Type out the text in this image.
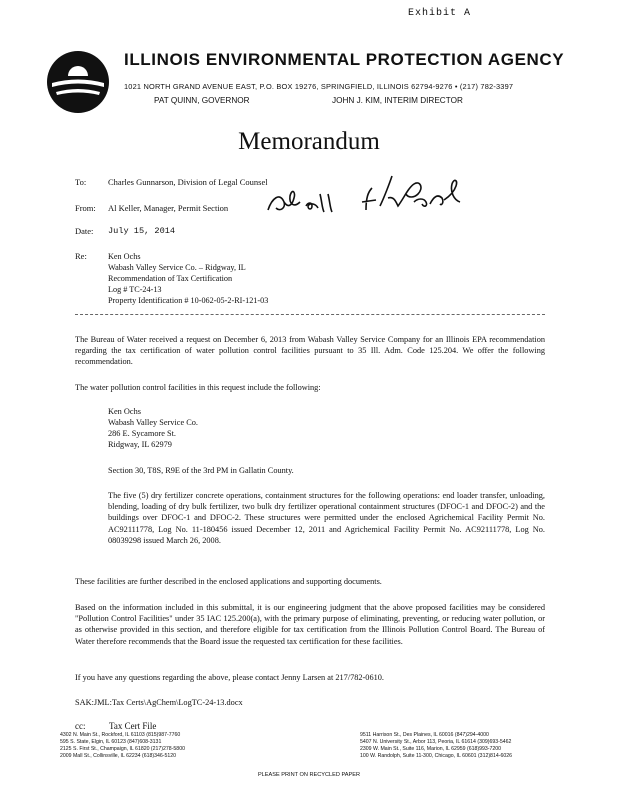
Exhibit A
ILLINOIS ENVIRONMENTAL PROTECTION AGENCY
1021 NORTH GRAND AVENUE EAST, P.O. BOX 19276, SPRINGFIELD, ILLINOIS 62794-9276 • (217) 782-3397
PAT QUINN, GOVERNOR	JOHN J. KIM, INTERIM DIRECTOR
Memorandum
To:	Charles Gunnarson, Division of Legal Counsel
From: Al Keller, Manager, Permit Section
Date: July 15, 2014
Re:	Ken Ochs
Wabash Valley Service Co. – Ridgway, IL
Recommendation of Tax Certification
Log # TC-24-13
Property Identification # 10-062-05-2-RI-121-03
The Bureau of Water received a request on December 6, 2013 from Wabash Valley Service Company for an Illinois EPA recommendation regarding the tax certification of water pollution control facilities pursuant to 35 Ill. Adm. Code 125.204. We offer the following recommendation.
The water pollution control facilities in this request include the following:
Ken Ochs
Wabash Valley Service Co.
286 E. Sycamore St.
Ridgway, IL 62979
Section 30, T8S, R9E of the 3rd PM in Gallatin County.
The five (5) dry fertilizer concrete operations, containment structures for the following operations: end loader transfer, unloading, blending, loading of dry bulk fertilizer, two bulk dry fertilizer operational containment structures (DFOC-1 and DFOC-2) and the buildings over DFOC-1 and DFOC-2. These structures were permitted under the enclosed Agrichemical Facility Permit No. AC92111778, Log No. 11-180456 issued December 12, 2011 and Agrichemical Facility Permit No. AC92111778, Log No. 08039298 issued March 26, 2008.
These facilities are further described in the enclosed applications and supporting documents.
Based on the information included in this submittal, it is our engineering judgment that the above proposed facilities may be considered "Pollution Control Facilities" under 35 IAC 125.200(a), with the primary purpose of eliminating, preventing, or reducing water pollution, or as otherwise provided in this section, and therefore eligible for tax certification from the Illinois Pollution Control Board. The Bureau of Water therefore recommends that the Board issue the requested tax certification for these facilities.
If you have any questions regarding the above, please contact Jenny Larsen at 217/782-0610.
SAK:JML:Tax Certs\AgChem\LogTC-24-13.docx
cc:	Tax Cert File
4302 N. Main St., Rockford, IL 61103 (815)987-7760
595 S. State, Elgin, IL 60123 (847)608-3131
2125 S. First St., Champaign, IL 61820 (217)278-5800
2009 Mall St., Collinsville, IL 62234 (618)346-5120
9511 Harrison St., Des Plaines, IL 60016 (847)294-4000
5407 N. University St., Arbor 113, Peoria, IL 61614 (309)693-5462
2309 W. Main St., Suite 116, Marion, IL 62959 (618)993-7200
100 W. Randolph, Suite 11-300, Chicago, IL 60601 (312)814-6026
PLEASE PRINT ON RECYCLED PAPER
